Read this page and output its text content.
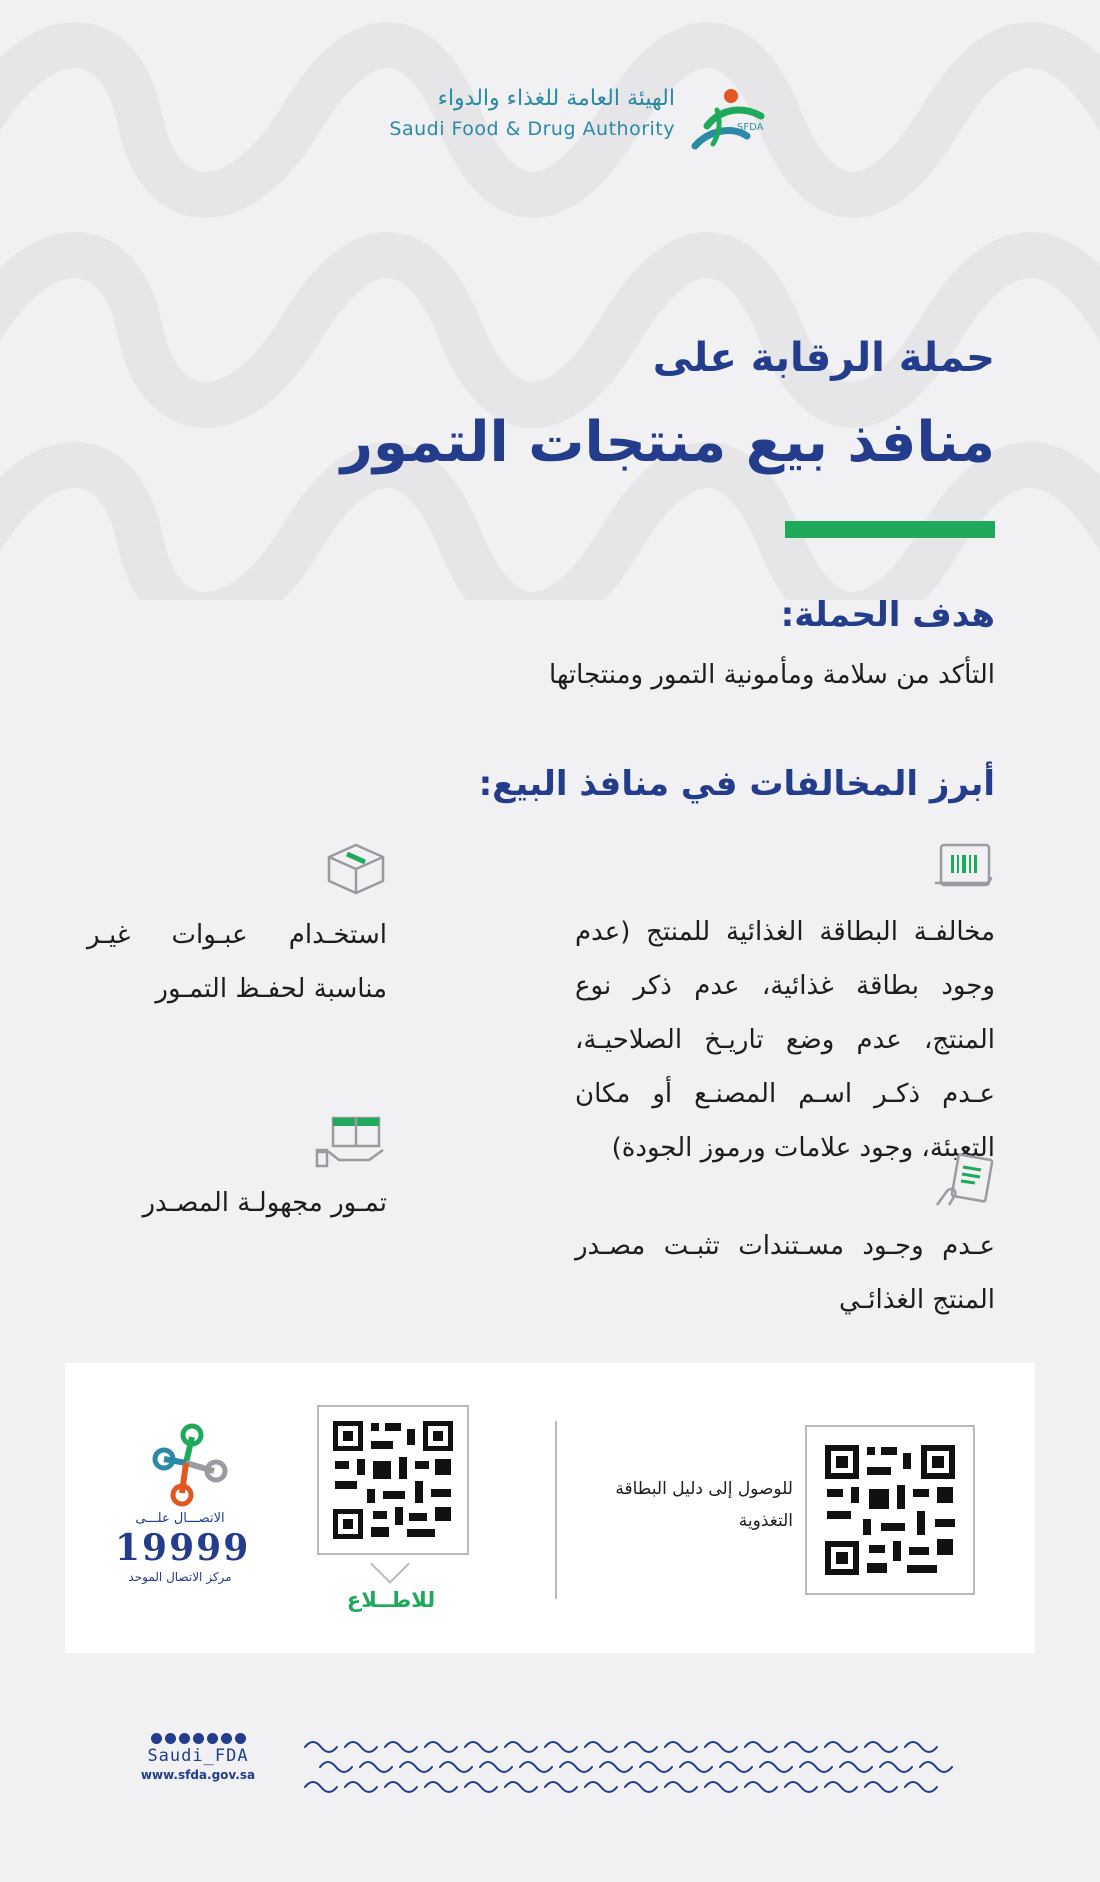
الهيئة العامة للغذاء والدواء
Saudi Food & Drug Authority	SFDA
حملة الرقابة على
منافذ بيع منتجات التمور
هدف الحملة:
التأكد من سلامة ومأمونية التمور ومنتجاتها
أبرز المخالفات في منافذ البيع:
مخالفـة البطاقة الغذائية للمنتج (عدم وجود بطاقة غذائية، عدم ذكر نوع المنتج، عدم وضع تاريـخ الصلاحيـة، عـدم ذكـر اسـم المصنـع أو مكان التعبئة، وجود علامات ورموز الجودة)
عـدم وجـود مسـتندات تثبـت مصـدر المنتج الغذائـي
استخـدام عبـوات غيـر مناسبة لحفـظ التمـور
تمـور مجهولـة المصـدر
للوصول إلى دليل البطاقة التغذوية
للاطــلاع
الاتصـــال علـــى
19999
مركز الاتصال الموحد
Saudi_FDA
www.sfda.gov.sa
